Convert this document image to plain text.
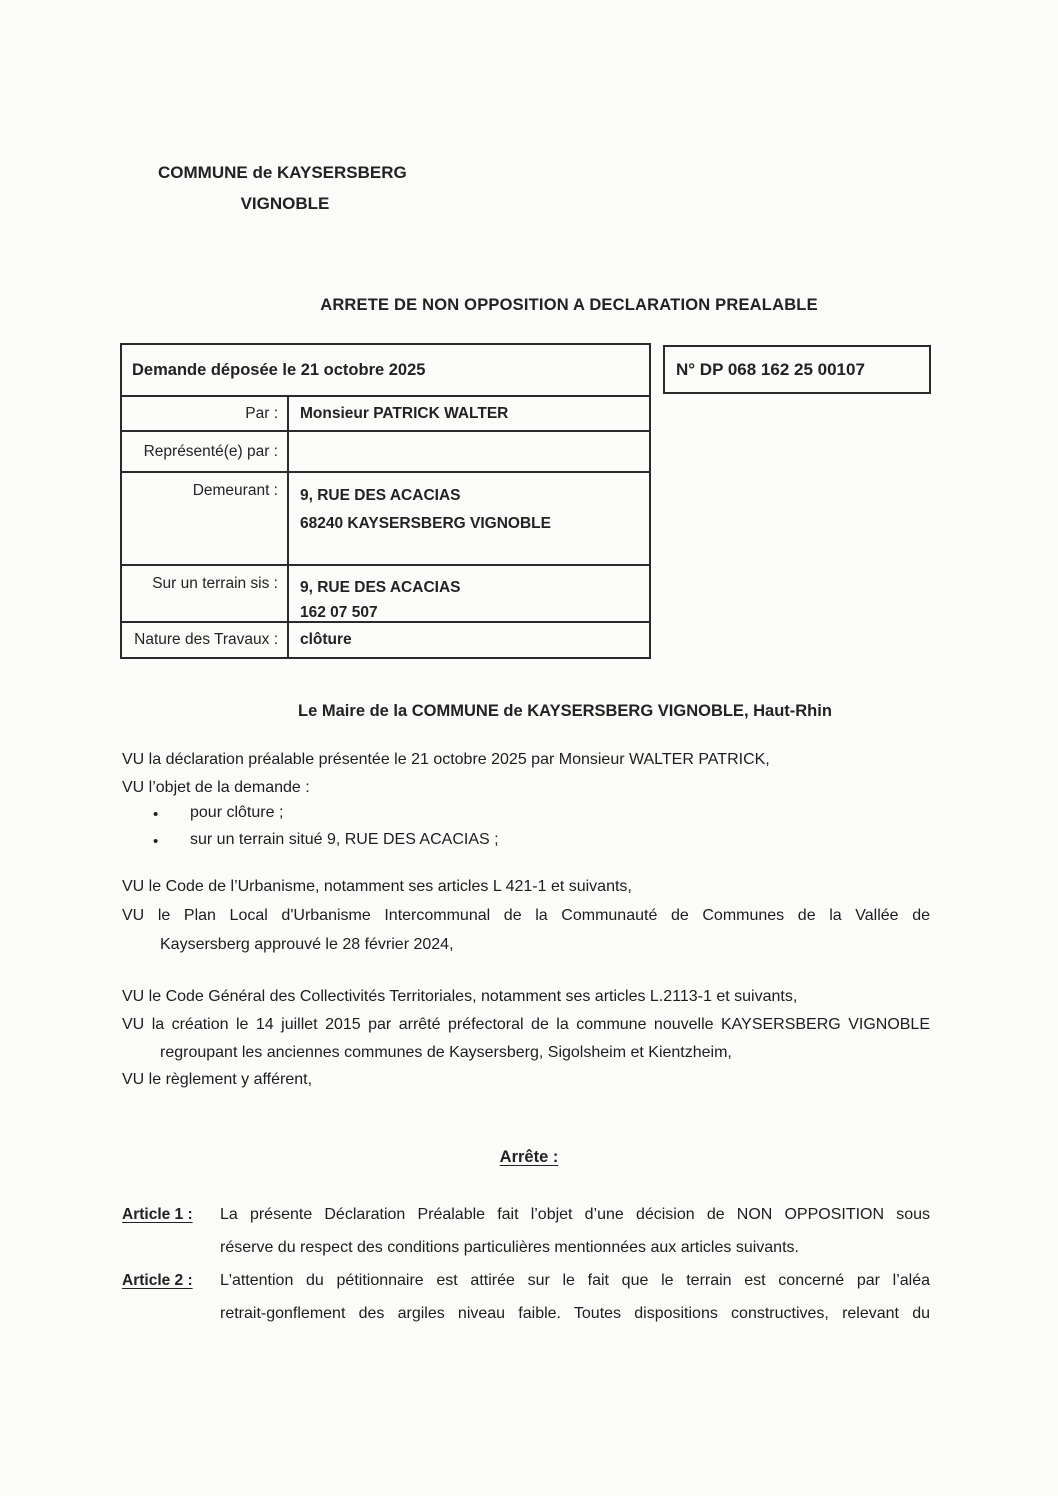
COMMUNE de KAYSERSBERG
VIGNOBLE
ARRETE DE NON OPPOSITION A DECLARATION PREALABLE
Demande déposée le 21 octobre 2025
Par :	Monsieur PATRICK WALTER
Représenté(e) par :
Demeurant :	9, RUE DES ACACIAS
68240 KAYSERSBERG VIGNOBLE
Sur un terrain sis :	9, RUE DES ACACIAS
162 07 507
Nature des Travaux :	clôture
N° DP 068 162 25 00107
Le Maire de la COMMUNE de KAYSERSBERG VIGNOBLE, Haut-Rhin
VU la déclaration préalable présentée le 21 octobre 2025 par Monsieur WALTER PATRICK,
VU l’objet de la demande :
• pour clôture ;
• sur un terrain situé 9, RUE DES ACACIAS ;
VU le Code de l’Urbanisme, notamment ses articles L 421-1 et suivants,
VU le Plan Local d'Urbanisme Intercommunal de la Communauté de Communes de la Vallée de
Kaysersberg approuvé le 28 février 2024,
VU le Code Général des Collectivités Territoriales, notamment ses articles L.2113-1 et suivants,
VU la création le 14 juillet 2015 par arrêté préfectoral de la commune nouvelle KAYSERSBERG VIGNOBLE
regroupant les anciennes communes de Kaysersberg, Sigolsheim et Kientzheim,
VU le règlement y afférent,
Arrête :
Article 1 :	La présente Déclaration Préalable fait l’objet d’une décision de NON OPPOSITION sous
réserve du respect des conditions particulières mentionnées aux articles suivants.
Article 2 :	L'attention du pétitionnaire est attirée sur le fait que le terrain est concerné par l’aléa
retrait-gonflement des argiles niveau faible. Toutes dispositions constructives, relevant du
